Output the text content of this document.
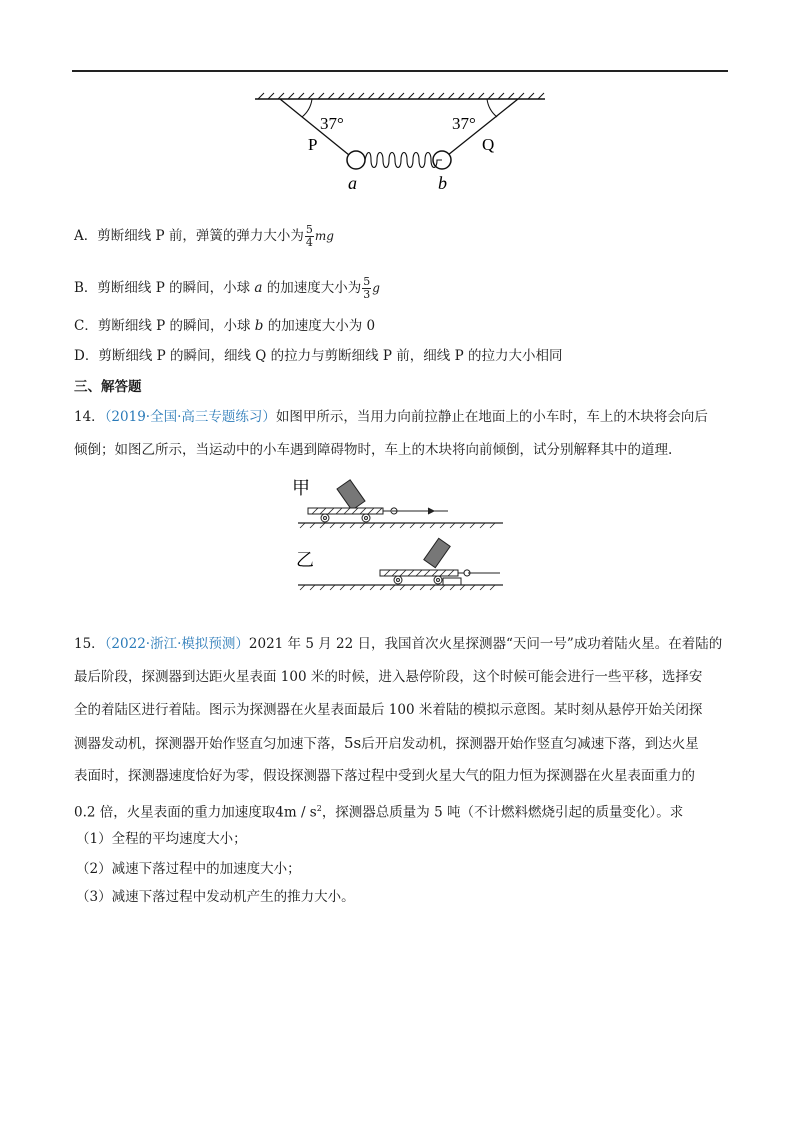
37°	37°
P	Q
a	b
A．剪断细线 P 前，弹簧的弹力大小为 $\frac{5}{4}$ mg
B．剪断细线 P 的瞬间，小球 a 的加速度大小为 $\frac{5}{3}$ g
C．剪断细线 P 的瞬间，小球 b 的加速度大小为 0
D．剪断细线 P 的瞬间，细线 Q 的拉力与剪断细线 P 前，细线 P 的拉力大小相同
三、解答题
14．（2019·全国·高三专题练习）如图甲所示，当用力向前拉静止在地面上的小车时，车上的木块将会向后
倾倒；如图乙所示，当运动中的小车遇到障碍物时，车上的木块将向前倾倒，试分别解释其中的道理.
甲
乙
15．（2022·浙江·模拟预测）2021 年 5 月 22 日，我国首次火星探测器“天问一号”成功着陆火星。在着陆的
最后阶段，探测器到达距火星表面 100 米的时候，进入悬停阶段，这个时候可能会进行一些平移，选择安
全的着陆区进行着陆。图示为探测器在火星表面最后 100 米着陆的模拟示意图。某时刻从悬停开始关闭探
测器发动机，探测器开始作竖直匀加速下落，5s后开启发动机，探测器开始作竖直匀减速下落，到达火星
表面时，探测器速度恰好为零，假设探测器下落过程中受到火星大气的阻力恒为探测器在火星表面重力的
0.2 倍，火星表面的重力加速度取$4m / s^2$，探测器总质量为 5 吨（不计燃料燃烧引起的质量变化）。求
（1）全程的平均速度大小；
（2）减速下落过程中的加速度大小；
（3）减速下落过程中发动机产生的推力大小。
